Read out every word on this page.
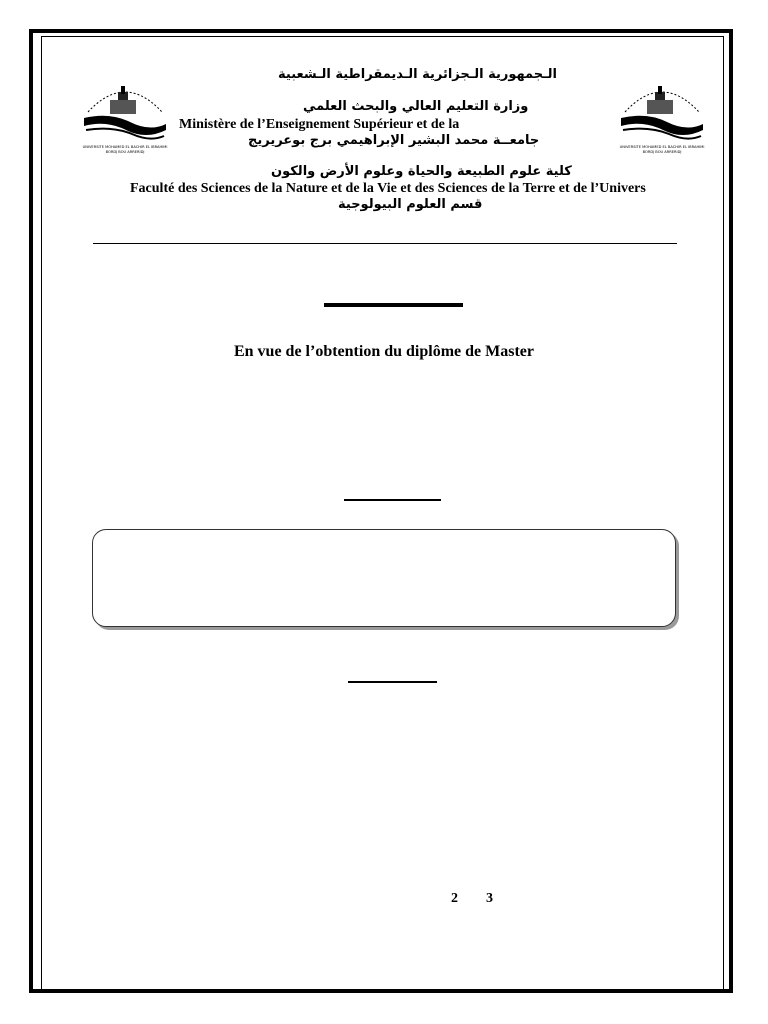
UNIVERSITE MOHAMED EL BACHIR EL IBRAHIMI
BORDJ BOU ARRERIDJ
UNIVERSITE MOHAMED EL BACHIR EL IBRAHIMI
BORDJ BOU ARRERIDJ
الـجمهورية الـجزائرية الـديمقراطية الـشعبية
وزارة التعليم العالي والبحث العلمي
Ministère de l’Enseignement Supérieur et de la
جامعــة محمد البشير الإبراهيمي برج بوعريريج
كلية علوم الطبيعة والحياة وعلوم الأرض والكون
Faculté des Sciences de la Nature et de la Vie et des Sciences de la Terre et de l’Univers
قسم العلوم البيولوجية
En vue de l’obtention du diplôme de Master
2 3
